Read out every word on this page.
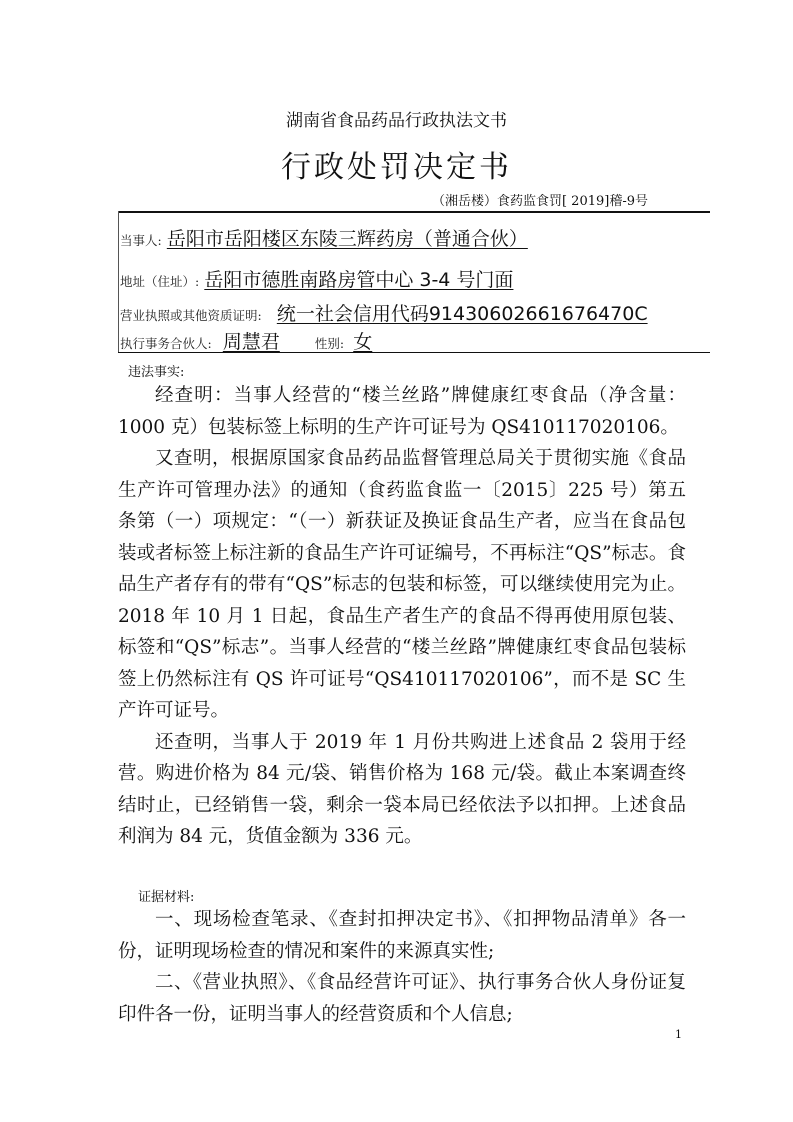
湖南省食品药品行政执法文书
行政处罚决定书
（湘岳楼）食药监食罚[ 2019]稽-9号
当事人: 岳阳市岳阳楼区东陵三辉药房（普通合伙）
地址（住址）: 岳阳市德胜南路房管中心 3-4 号门面
营业执照或其他资质证明: 统一社会信用代码91430602661676470C
执行事务合伙人: 周慧君	性别: 女
违法事实:

经查明：当事人经营的“楼兰丝路”牌健康红枣食品（净含量：1000 克）包装标签上标明的生产许可证号为 QS410117020106。

又查明，根据原国家食品药品监督管理总局关于贯彻实施《食品生产许可管理办法》的通知（食药监食监一〔2015〕225 号）第五条第（一）项规定：“（一）新获证及换证食品生产者，应当在食品包装或者标签上标注新的食品生产许可证编号，不再标注“QS”标志。食品生产者存有的带有“QS”标志的包装和标签，可以继续使用完为止。2018 年 10 月 1 日起，食品生产者生产的食品不得再使用原包装、标签和“QS”标志”。当事人经营的“楼兰丝路”牌健康红枣食品包装标签上仍然标注有 QS 许可证号“QS410117020106”，而不是 SC 生产许可证号。

还查明，当事人于 2019 年 1 月份共购进上述食品 2 袋用于经营。购进价格为 84 元/袋、销售价格为 168 元/袋。截止本案调查终结时止，已经销售一袋，剩余一袋本局已经依法予以扣押。上述食品利润为 84 元，货值金额为 336 元。

证据材料:

一、现场检查笔录、《查封扣押决定书》、《扣押物品清单》各一份，证明现场检查的情况和案件的来源真实性;

二、《营业执照》、《食品经营许可证》、执行事务合伙人身份证复印件各一份，证明当事人的经营资质和个人信息;

1
